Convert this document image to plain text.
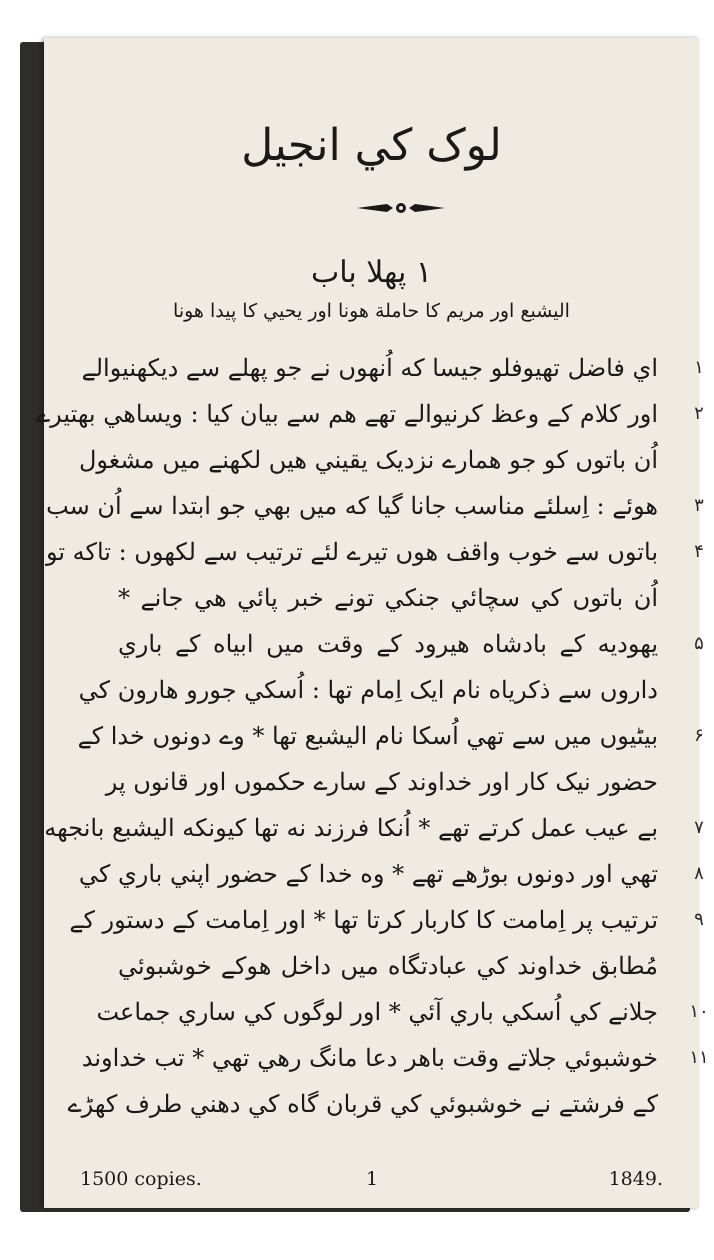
لوک کي انجيل
۱ پهلا باب
اليشبع اور مريم کا حاملة هونا اور يحيي کا پيدا هونا
اي فاضل تهيوفلو جيسا که اُنهوں نے جو پهلے سے ديکهنيوالے	۱
اور کلام کے وعظ کرنيوالے تهے هم سے بيان کيا : ويساهي بهتيرے	۲
اُن باتوں کو جو همارے نزديک يقيني هيں لکهنے ميں مشغول
هوئے : اِسلئے مناسب جانا گيا که ميں بهي جو ابتدا سے اُن سب	۳
باتوں سے خوب واقف هوں تيرے لئے ترتيب سے لکهوں : تاکه تو	۴
اُن باتوں کي سچائي جنکي تونے خبر پائي هي جانے *
يهوديه کے بادشاه هيرود کے وقت ميں ابياه کے باري	۵
داروں سے ذکرياه نام ايک اِمام تها : اُسکي جورو هارون کي
بيٹيوں ميں سے تهي اُسکا نام اليشبع تها * وے دونوں خدا کے	۶
حضور نيک کار اور خداوند کے سارے حکموں اور قانوں پر
بے عيب عمل کرتے تهے * اُنکا فرزند نه تها کيونکه اليشبع بانجهه	۷
تهي اور دونوں بوڑهے تهے * وه خدا کے حضور اپني باري کي	۸
ترتيب پر اِمامت کا کاربار کرتا تها * اور اِمامت کے دستور کے	۹
مُطابق خداوند کي عبادتگاه ميں داخل هوکے خوشبوئي
جلانے کي اُسکي باري آئي * اور لوگوں کي ساري جماعت ۱۰
خوشبوئي جلاتے وقت باهر دعا مانگ رهي تهي * تب خداوند ۱۱
کے فرشتے نے خوشبوئي کي قربان گاه کي دهني طرف کهڑے
1500 copies.	1	1849.
